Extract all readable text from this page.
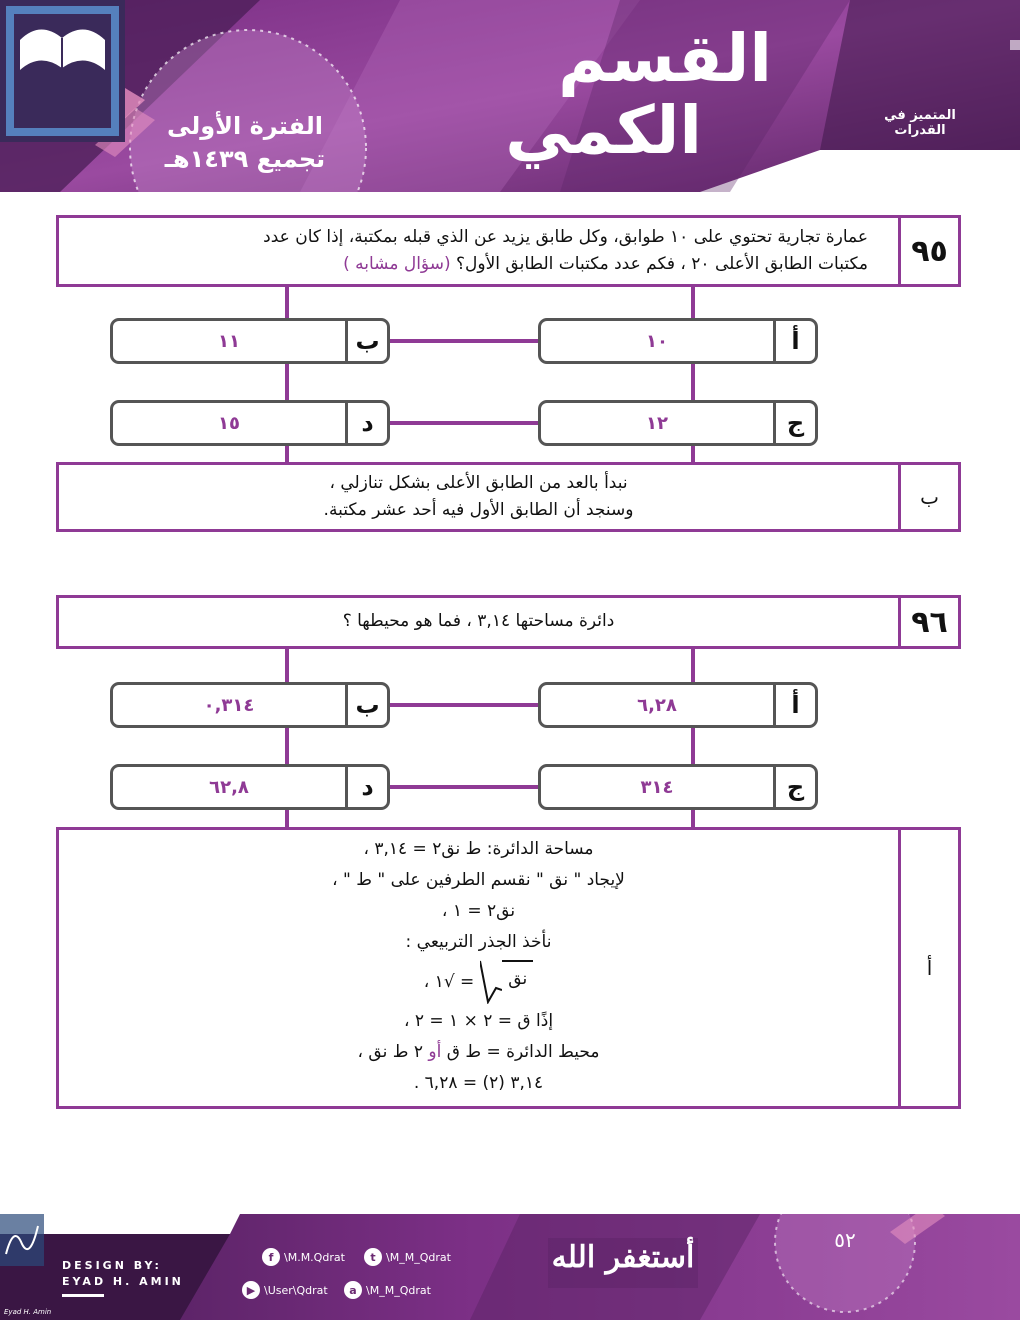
القسم
الكمي
الفترة الأولى
تجميع ١٤٣٩هـ
المتميز في القدرات
٩٥
عمارة تجارية تحتوي على ١٠ طوابق، وكل طابق يزيد عن الذي قبله بمكتبة، إذا كان عدد
مكتبات الطابق الأعلى ٢٠ ، فكم عدد مكتبات الطابق الأول؟ (سؤال مشابه )
١٠	أ
١١	ب
١٢	ج
١٥	د
ب
نبدأ بالعد من الطابق الأعلى بشكل تنازلي ،
وسنجد أن الطابق الأول فيه أحد عشر مكتبة.
٩٦
دائرة مساحتها ٣,١٤ ، فما هو محيطها ؟
٦,٢٨	أ
٠,٣١٤	ب
٣١٤	ج
٦٢,٨	د
أ
مساحة الدائرة: ط نق٢ = ٣,١٤ ،
لإيجاد " نق " نقسم الطرفين على " ط " ،
نق٢ = ١ ،
نأخذ الجذر التربيعي :
نق
= √١ ،
إذًا ق = ٢ × ١ = ٢ ،
محيط الدائرة = ط ق أو ٢ ط نق ،
٣,١٤ (٢) = ٦,٢٨ .
Eyad H. Amin
DESIGN BY:
EYAD H. AMIN
f \M.M.Qdrat	t \M_M_Qdrat
▶ \User\Qdrat	a \M_M_Qdrat
أستغفر الله	٥٢
